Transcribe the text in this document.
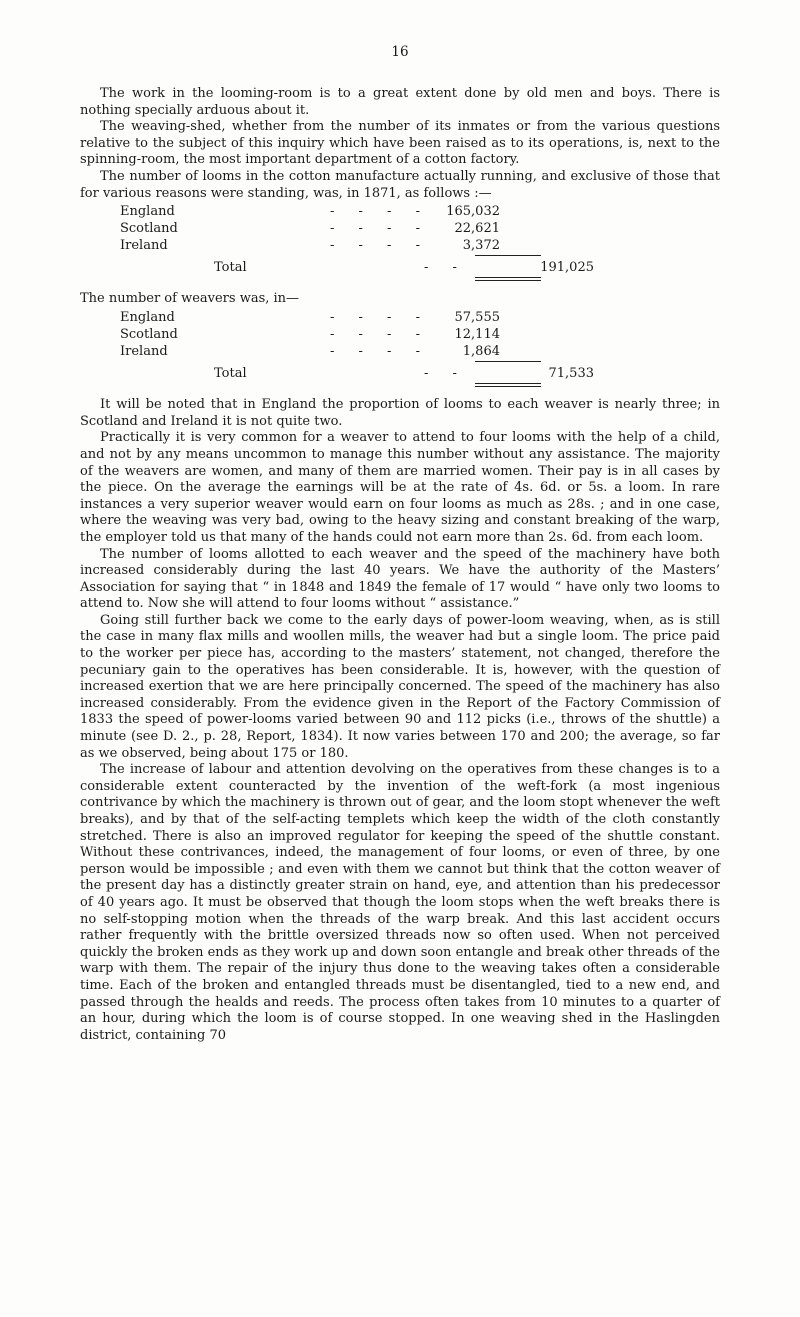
16

The work in the looming-room is to a great extent done by old men and boys. There is nothing specially arduous about it.

The weaving-shed, whether from the number of its inmates or from the various questions relative to the subject of this inquiry which have been raised as to its operations, is, next to the spinning-room, the most important department of a cotton factory.

The number of looms in the cotton manufacture actually running, and exclusive of those that for various reasons were standing, was, in 1871, as follows :—

England	- - - -	165,032
Scotland	- - - -	22,621
Ireland	- - - -	3,372
Total	- -	191,025

The number of weavers was, in—

England	- - - -	57,555
Scotland	- - - -	12,114
Ireland	- - - -	1,864
Total	- -	71,533

It will be noted that in England the proportion of looms to each weaver is nearly three; in Scotland and Ireland it is not quite two.

Practically it is very common for a weaver to attend to four looms with the help of a child, and not by any means uncommon to manage this number without any assistance. The majority of the weavers are women, and many of them are married women. Their pay is in all cases by the piece. On the average the earnings will be at the rate of 4s. 6d. or 5s. a loom. In rare instances a very superior weaver would earn on four looms as much as 28s. ; and in one case, where the weaving was very bad, owing to the heavy sizing and constant breaking of the warp, the employer told us that many of the hands could not earn more than 2s. 6d. from each loom.

The number of looms allotted to each weaver and the speed of the machinery have both increased considerably during the last 40 years. We have the authority of the Masters’ Association for saying that “ in 1848 and 1849 the female of 17 would “ have only two looms to attend to. Now she will attend to four looms without “ assistance.”

Going still further back we come to the early days of power-loom weaving, when, as is still the case in many flax mills and woollen mills, the weaver had but a single loom. The price paid to the worker per piece has, according to the masters’ statement, not changed, therefore the pecuniary gain to the operatives has been considerable. It is, however, with the question of increased exertion that we are here principally concerned. The speed of the machinery has also increased considerably. From the evidence given in the Report of the Factory Commission of 1833 the speed of power-looms varied between 90 and 112 picks (i.e., throws of the shuttle) a minute (see D. 2., p. 28, Report, 1834). It now varies between 170 and 200; the average, so far as we observed, being about 175 or 180.

The increase of labour and attention devolving on the operatives from these changes is to a considerable extent counteracted by the invention of the weft-fork (a most ingenious contrivance by which the machinery is thrown out of gear, and the loom stopt whenever the weft breaks), and by that of the self-acting templets which keep the width of the cloth constantly stretched. There is also an improved regulator for keeping the speed of the shuttle constant. Without these contrivances, indeed, the management of four looms, or even of three, by one person would be impossible ; and even with them we cannot but think that the cotton weaver of the present day has a distinctly greater strain on hand, eye, and attention than his predecessor of 40 years ago. It must be observed that though the loom stops when the weft breaks there is no self-stopping motion when the threads of the warp break. And this last accident occurs rather frequently with the brittle oversized threads now so often used. When not perceived quickly the broken ends as they work up and down soon entangle and break other threads of the warp with them. The repair of the injury thus done to the weaving takes often a considerable time. Each of the broken and entangled threads must be disentangled, tied to a new end, and passed through the healds and reeds. The process often takes from 10 minutes to a quarter of an hour, during which the loom is of course stopped. In one weaving shed in the Haslingden district, containing 70
